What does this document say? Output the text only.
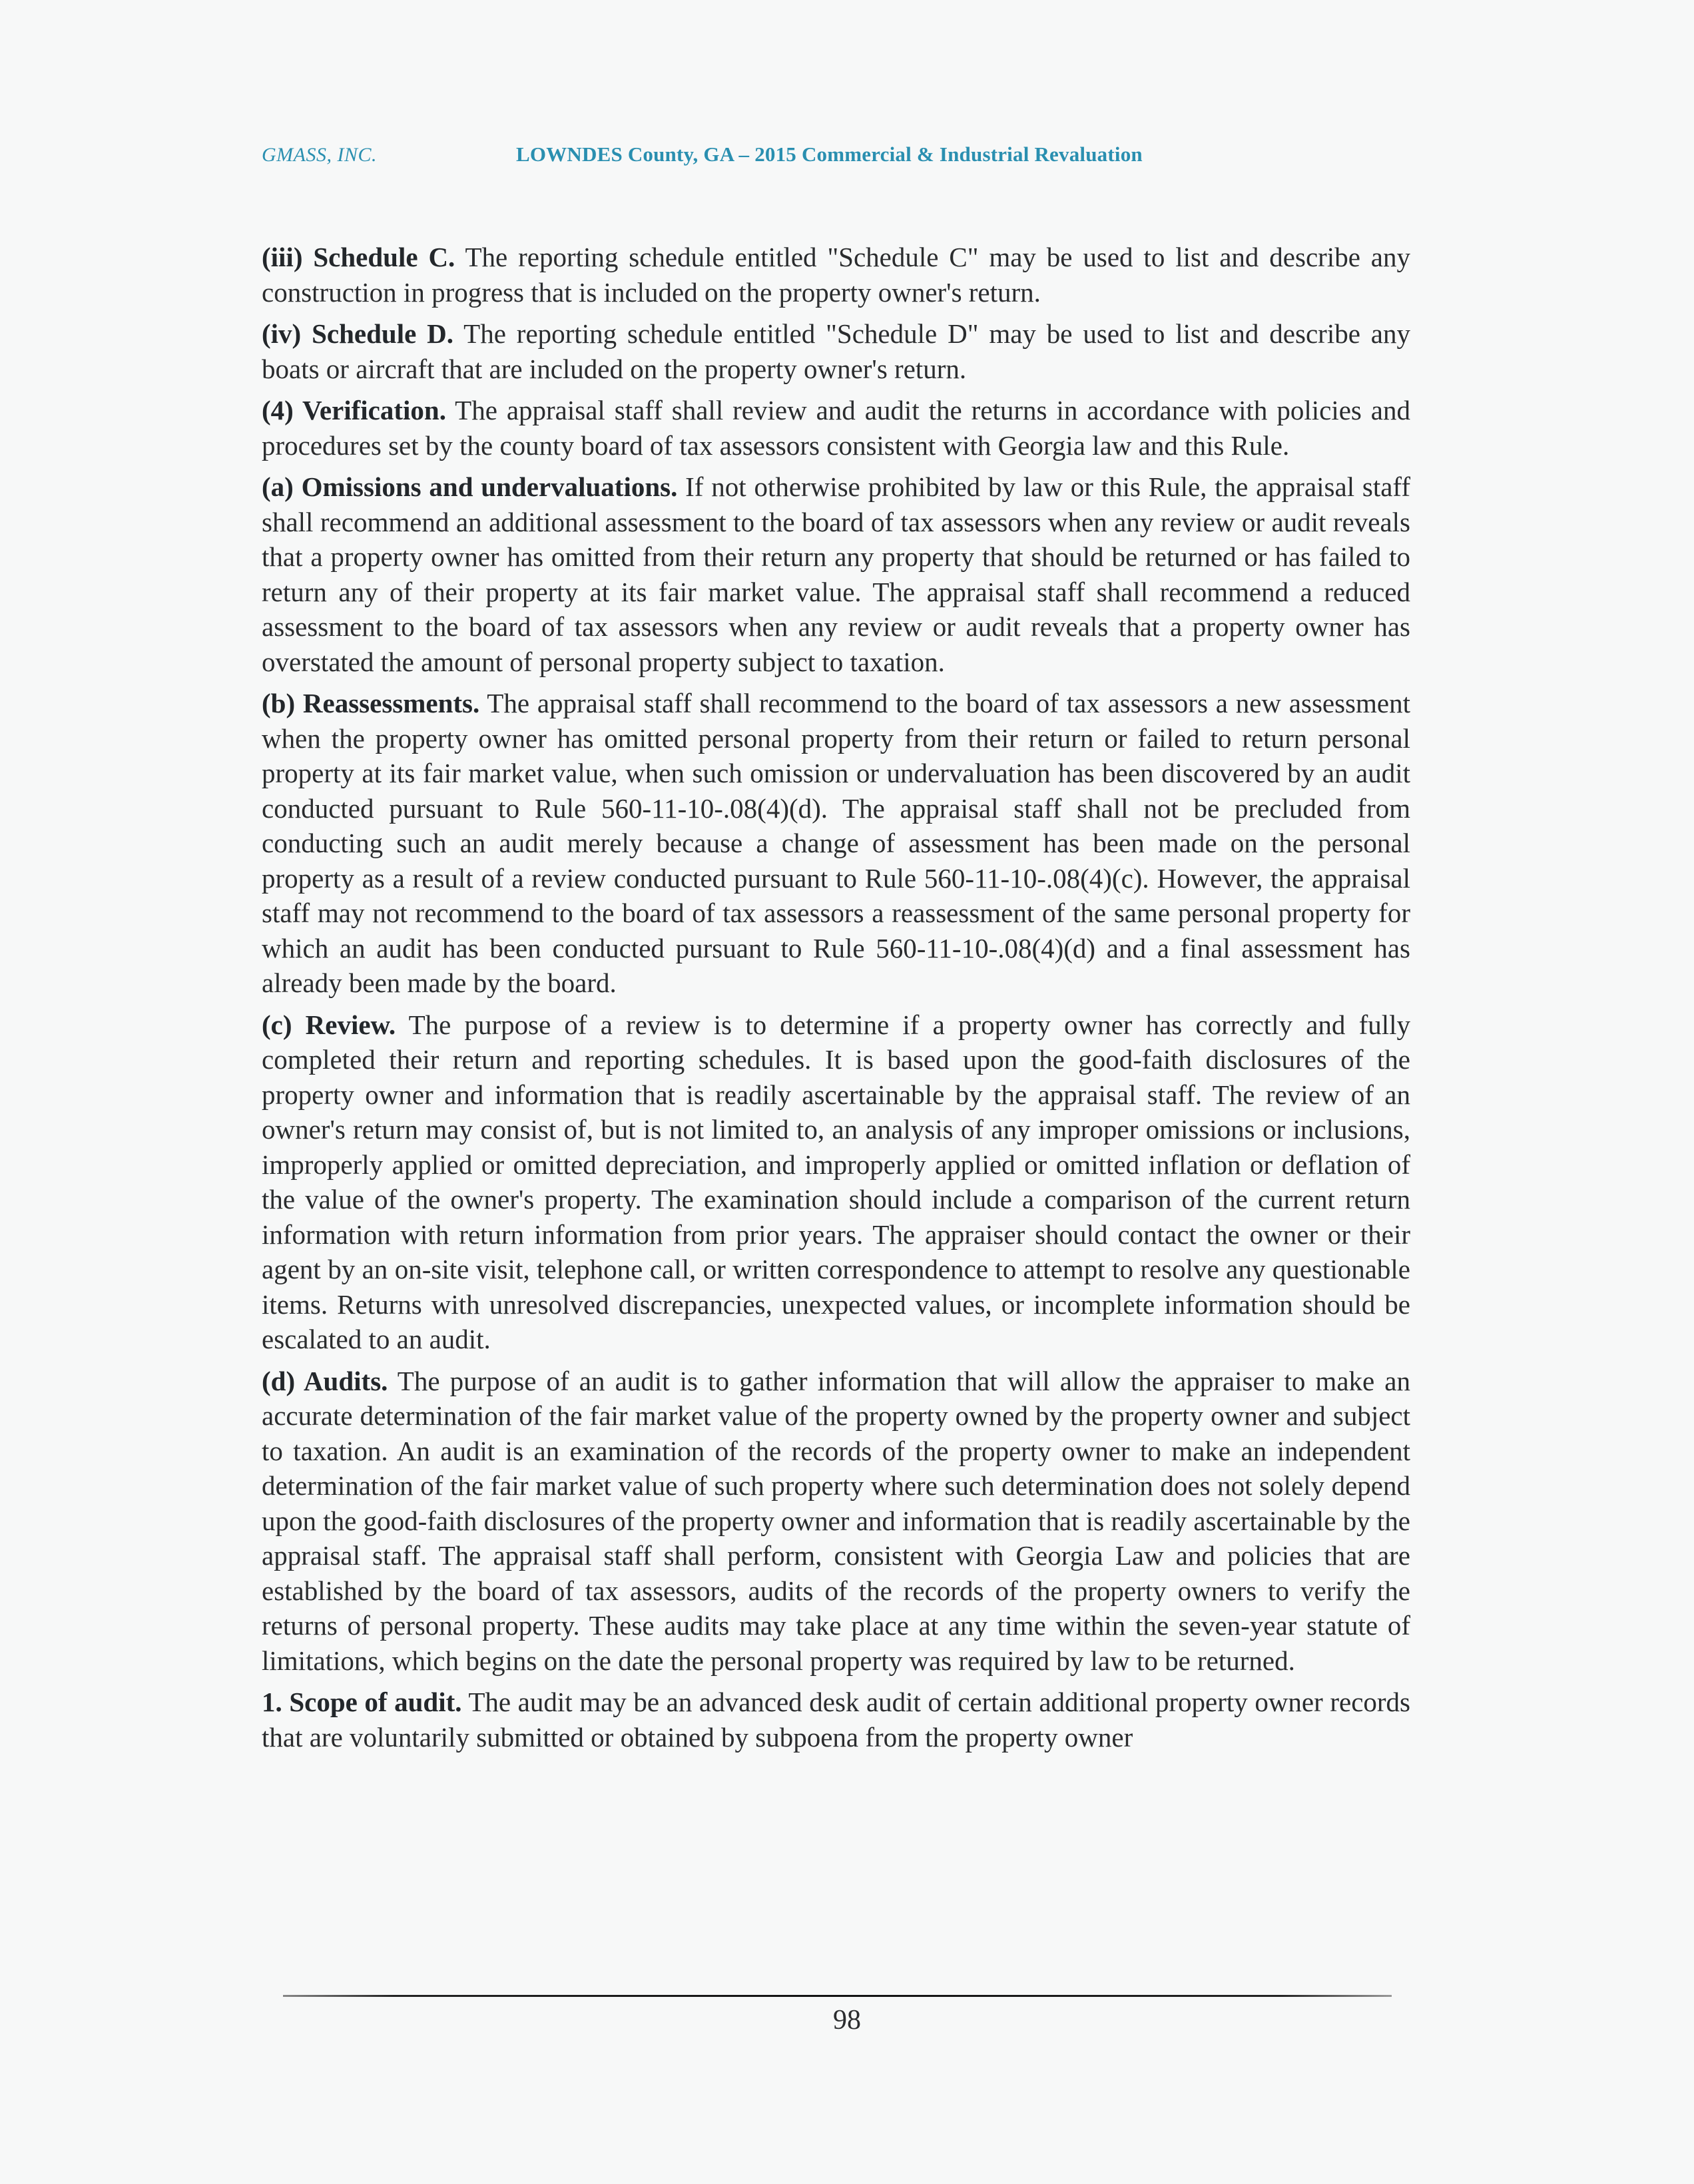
GMASS, INC.	LOWNDES County, GA – 2015 Commercial & Industrial Revaluation

(iii) Schedule C. The reporting schedule entitled "Schedule C" may be used to list and describe any construction in progress that is included on the property owner's return.

(iv) Schedule D. The reporting schedule entitled "Schedule D" may be used to list and describe any boats or aircraft that are included on the property owner's return.

(4) Verification. The appraisal staff shall review and audit the returns in accordance with policies and procedures set by the county board of tax assessors consistent with Georgia law and this Rule.

(a) Omissions and undervaluations. If not otherwise prohibited by law or this Rule, the appraisal staff shall recommend an additional assessment to the board of tax assessors when any review or audit reveals that a property owner has omitted from their return any property that should be returned or has failed to return any of their property at its fair market value. The appraisal staff shall recommend a reduced assessment to the board of tax assessors when any review or audit reveals that a property owner has overstated the amount of personal property subject to taxation.

(b) Reassessments. The appraisal staff shall recommend to the board of tax assessors a new assessment when the property owner has omitted personal property from their return or failed to return personal property at its fair market value, when such omission or undervaluation has been discovered by an audit conducted pursuant to Rule 560-11-10-.08(4)(d). The appraisal staff shall not be precluded from conducting such an audit merely because a change of assessment has been made on the personal property as a result of a review conducted pursuant to Rule 560-11-10-.08(4)(c). However, the appraisal staff may not recommend to the board of tax assessors a reassessment of the same personal property for which an audit has been conducted pursuant to Rule 560-11-10-.08(4)(d) and a final assessment has already been made by the board.

(c) Review. The purpose of a review is to determine if a property owner has correctly and fully completed their return and reporting schedules. It is based upon the good-faith disclosures of the property owner and information that is readily ascertainable by the appraisal staff. The review of an owner's return may consist of, but is not limited to, an analysis of any improper omissions or inclusions, improperly applied or omitted depreciation, and improperly applied or omitted inflation or deflation of the value of the owner's property. The examination should include a comparison of the current return information with return information from prior years. The appraiser should contact the owner or their agent by an on-site visit, telephone call, or written correspondence to attempt to resolve any questionable items. Returns with unresolved discrepancies, unexpected values, or incomplete information should be escalated to an audit.

(d) Audits. The purpose of an audit is to gather information that will allow the appraiser to make an accurate determination of the fair market value of the property owned by the property owner and subject to taxation. An audit is an examination of the records of the property owner to make an independent determination of the fair market value of such property where such determination does not solely depend upon the good-faith disclosures of the property owner and information that is readily ascertainable by the appraisal staff. The appraisal staff shall perform, consistent with Georgia Law and policies that are established by the board of tax assessors, audits of the records of the property owners to verify the returns of personal property. These audits may take place at any time within the seven-year statute of limitations, which begins on the date the personal property was required by law to be returned.

1. Scope of audit. The audit may be an advanced desk audit of certain additional property owner records that are voluntarily submitted or obtained by subpoena from the property owner

98
